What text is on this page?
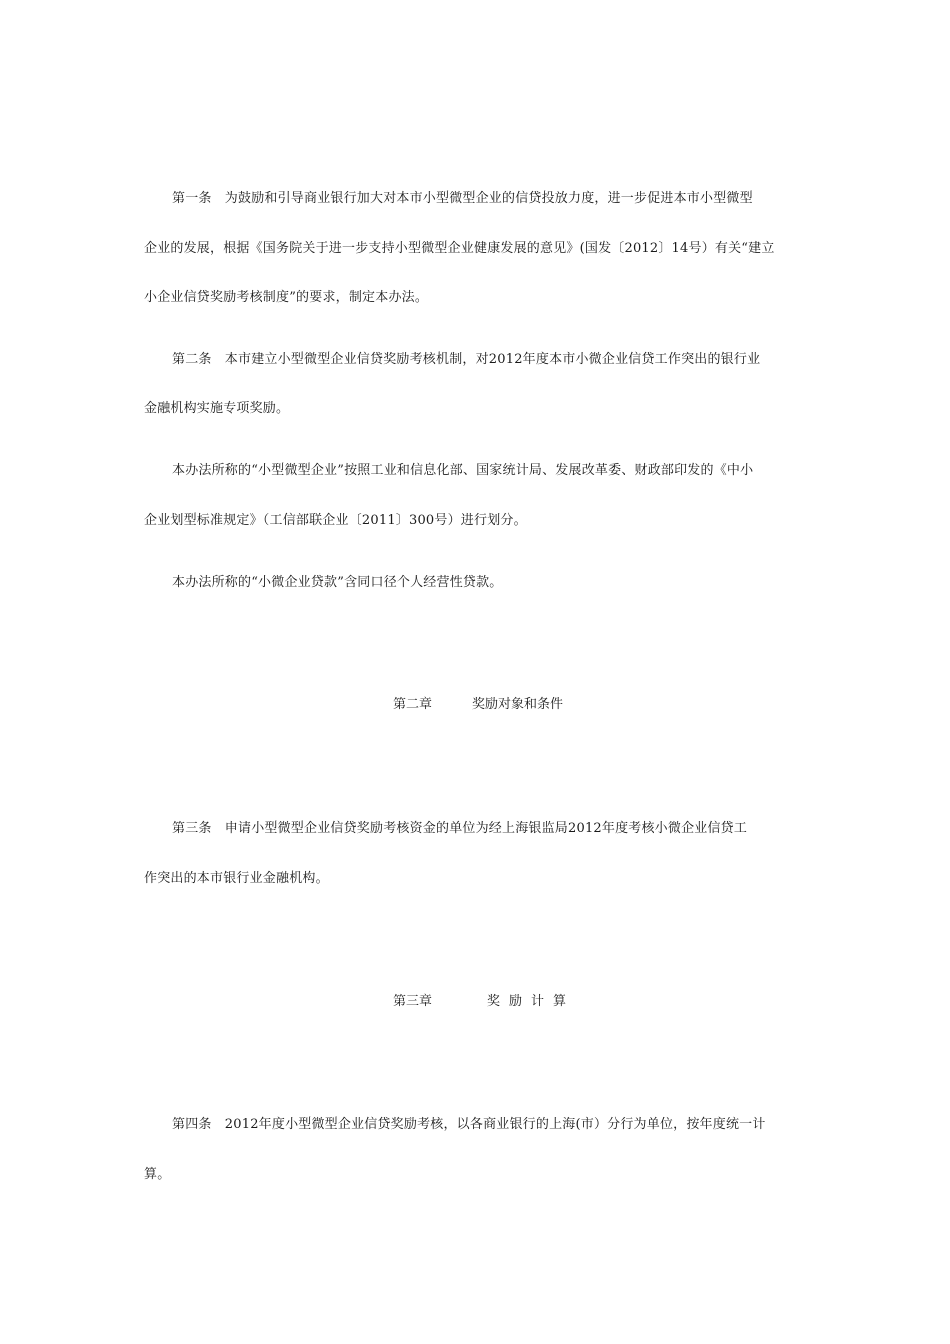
第一条　为鼓励和引导商业银行加大对本市小型微型企业的信贷投放力度，进一步促进本市小型微型
企业的发展，根据《国务院关于进一步支持小型微型企业健康发展的意见》(国发〔2012〕14号）有关“建立
小企业信贷奖励考核制度”的要求，制定本办法。
第二条　本市建立小型微型企业信贷奖励考核机制，对2012年度本市小微企业信贷工作突出的银行业
金融机构实施专项奖励。
本办法所称的“小型微型企业”按照工业和信息化部、国家统计局、发展改革委、财政部印发的《中小
企业划型标准规定》（工信部联企业〔2011〕300号）进行划分。
本办法所称的“小微企业贷款”含同口径个人经营性贷款。
第二章	奖励对象和条件
第三条　申请小型微型企业信贷奖励考核资金的单位为经上海银监局2012年度考核小微企业信贷工
作突出的本市银行业金融机构。
第三章	奖励计算
第四条　2012年度小型微型企业信贷奖励考核，以各商业银行的上海(市）分行为单位，按年度统一计
算。
